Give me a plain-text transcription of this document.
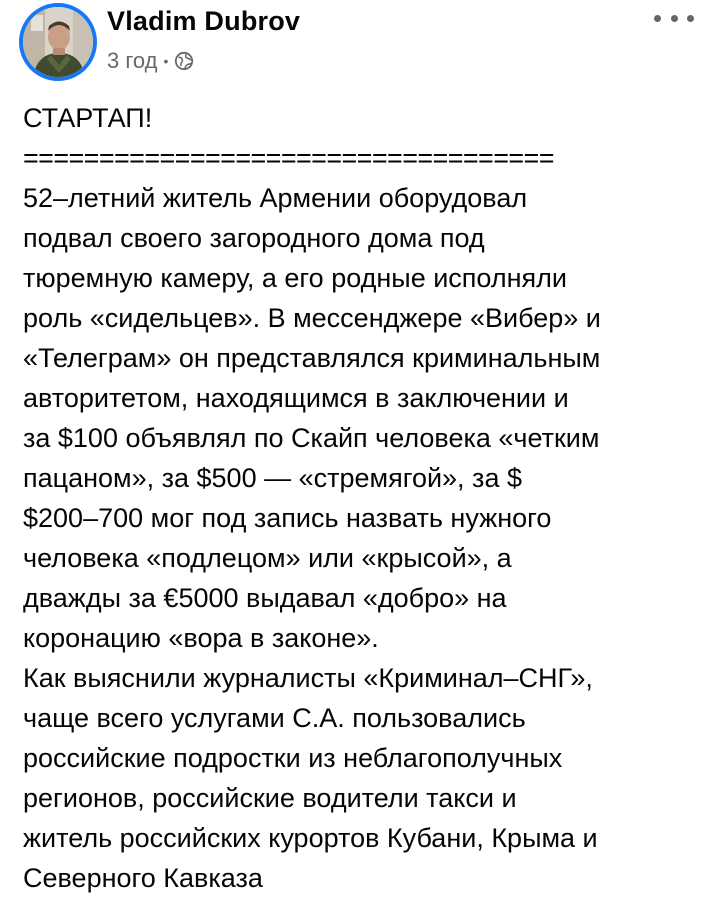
Vladim Dubrov
3 год •

СТАРТАП!

===================================

52–летний житель Армении оборудовал

подвал своего загородного дома под

тюремную камеру, а его родные исполняли

роль «сидельцев». В мессенджере «Вибер» и

«Телеграм» он представлялся криминальным

авторитетом, находящимся в заключении и

за $100 объявлял по Скайп человека «четким

пацаном», за $500 — «стремягой», за $

$200–700 мог под запись назвать нужного

человека «подлецом» или «крысой», а

дважды за €5000 выдавал «добро» на

коронацию «вора в законе».

Как выяснили журналисты «Криминал–СНГ»,

чаще всего услугами С.А. пользовались

российские подростки из неблагополучных

регионов, российские водители такси и

житель российских курортов Кубани, Крыма и

Северного Кавказа
